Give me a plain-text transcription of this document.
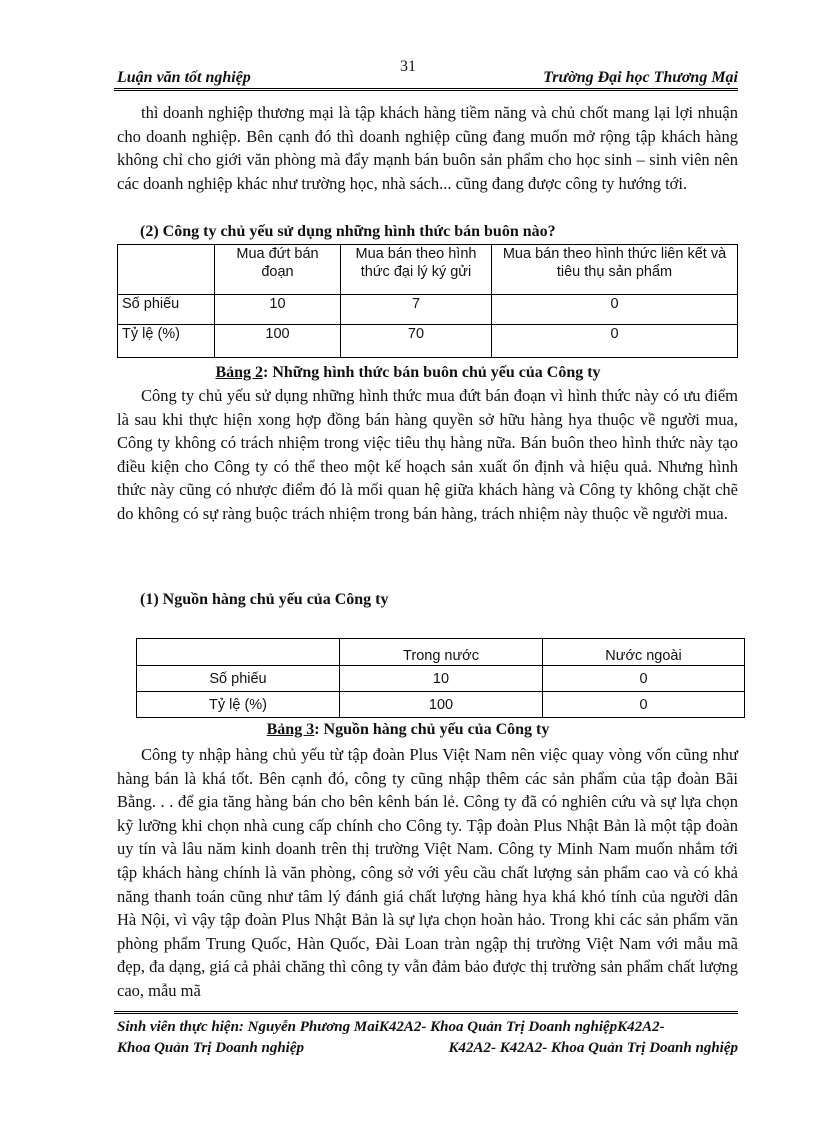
31
Luận văn tốt nghiệp	Trường Đại học Thương Mại
thì doanh nghiệp thương mại là tập khách hàng tiềm năng và chủ chốt mang lại lợi nhuận cho doanh nghiệp. Bên cạnh đó thì doanh nghiệp cũng đang muốn mở rộng tập khách hàng không chỉ cho giới văn phòng mà đẩy mạnh bán buôn sản phẩm cho học sinh – sinh viên nên các doanh nghiệp khác như trường học, nhà sách... cũng đang được công ty hướng tới.
(2) Công ty chủ yếu sử dụng những hình thức bán buôn nào?
	Mua đứt bán đoạn	Mua bán theo hình thức đại lý ký gửi	Mua bán theo hình thức liên kết và tiêu thụ sản phẩm
Số phiếu	10	7	0
Tỷ lệ (%)	100	70	0
Bảng 2: Những hình thức bán buôn chủ yếu của Công ty
Công ty chủ yếu sử dụng những hình thức mua đứt bán đoạn vì hình thức này có ưu điểm là sau khi thực hiện xong hợp đồng bán hàng quyền sở hữu hàng hya thuộc về người mua, Công ty không có trách nhiệm trong việc tiêu thụ hàng nữa. Bán buôn theo hình thức này tạo điều kiện cho Công ty có thể theo một kế hoạch sản xuất ổn định và hiệu quả. Nhưng hình thức này cũng có nhược điểm đó là mối quan hệ giữa khách hàng và Công ty không chặt chẽ do không có sự ràng buộc trách nhiệm trong bán hàng, trách nhiệm này thuộc về người mua.
(1) Nguồn hàng chủ yếu của Công ty
	Trong nước	Nước ngoài
Số phiếu	10	0
Tỷ lệ (%)	100	0
Bảng 3: Nguồn hàng chủ yếu của Công ty
Công ty nhập hàng chủ yếu từ tập đoàn Plus Việt Nam nên việc quay vòng vốn cũng như hàng bán là khá tốt. Bên cạnh đó, công ty cũng nhập thêm các sản phẩm của tập đoàn Bãi Bằng. . . để gia tăng hàng bán cho bên kênh bán lẻ. Công ty đã có nghiên cứu và sự lựa chọn kỹ lưỡng khi chọn nhà cung cấp chính cho Công ty. Tập đoàn Plus Nhật Bản là một tập đoàn uy tín và lâu năm kinh doanh trên thị trường Việt Nam. Công ty Minh Nam muốn nhắm tới tập khách hàng chính là văn phòng, công sở với yêu cầu chất lượng sản phẩm cao và có khả năng thanh toán cũng như tâm lý đánh giá chất lượng hàng hya khá khó tính của người dân Hà Nội, vì vậy tập đoàn Plus Nhật Bản là sự lựa chọn hoàn hảo. Trong khi các sản phẩm văn phòng phẩm Trung Quốc, Hàn Quốc, Đài Loan tràn ngập thị trường Việt Nam với mẫu mã đẹp, đa dạng, giá cả phải chăng thì công ty vẫn đảm bảo được thị trường sản phẩm chất lượng cao, mẫu mã
Sinh viên thực hiện: Nguyễn Phương MaiK42A2- Khoa Quản Trị Doanh nghiệpK42A2-
Khoa Quản Trị Doanh nghiệp	K42A2- K42A2- Khoa Quản Trị Doanh nghiệp
